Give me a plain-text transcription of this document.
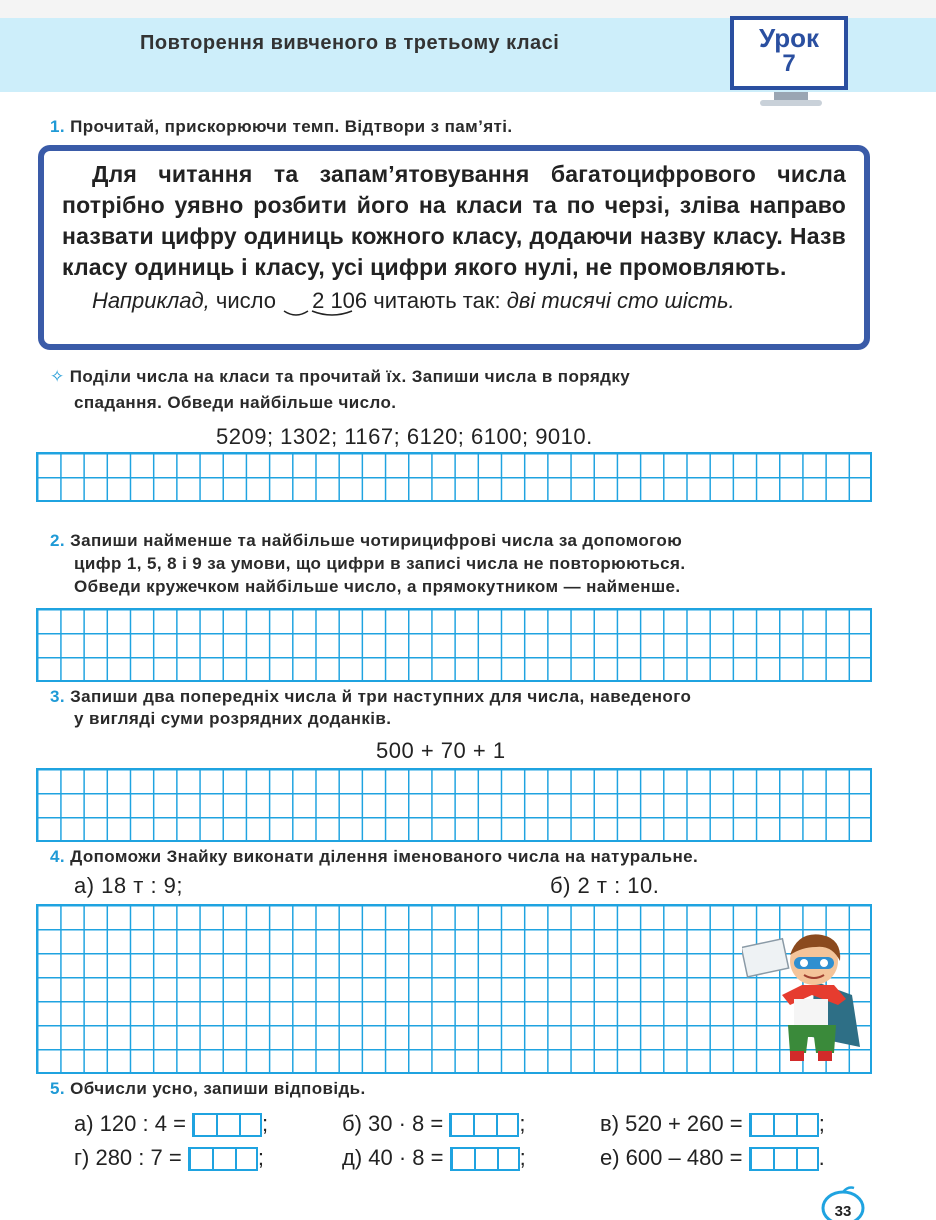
Повторення вивченого в третьому класі	Урок
7
1. Прочитай, прискорюючи темп. Відтвори з пам’яті.
Для читання та запам’ятовування багатоцифрового числа потрібно уявно розбити його на класи та по черзі, зліва направо назвати цифру одиниць кожного класу, додаючи назву класу. Назв класу одиниць і класу, усі цифри якого нулі, не промовляють.
Наприклад, число 2 106 читають так: дві тисячі сто шість.
✧ Поділи числа на класи та прочитай їх. Запиши числа в порядку
спадання. Обведи найбільше число.
5209; 1302; 1167; 6120; 6100; 9010.
2. Запиши найменше та найбільше чотирицифрові числа за допомогою
цифр 1, 5, 8 і 9 за умови, що цифри в записі числа не повторюються.
Обведи кружечком найбільше число, а прямокутником — найменше.
3. Запиши два попередніх числа й три наступних для числа, наведеного
у вигляді суми розрядних доданків.
500 + 70 + 1
4. Допоможи Знайку виконати ділення іменованого числа на натуральне.
а) 18 т : 9;	б) 2 т : 10.
5. Обчисли усно, запиши відповідь.
а) 120 : 4 =	;	б) 30 · 8 =	;	в) 520 + 260 =	;
г) 280 : 7 =	;	д) 40 · 8 =	;	е) 600 – 480 =	.
33
